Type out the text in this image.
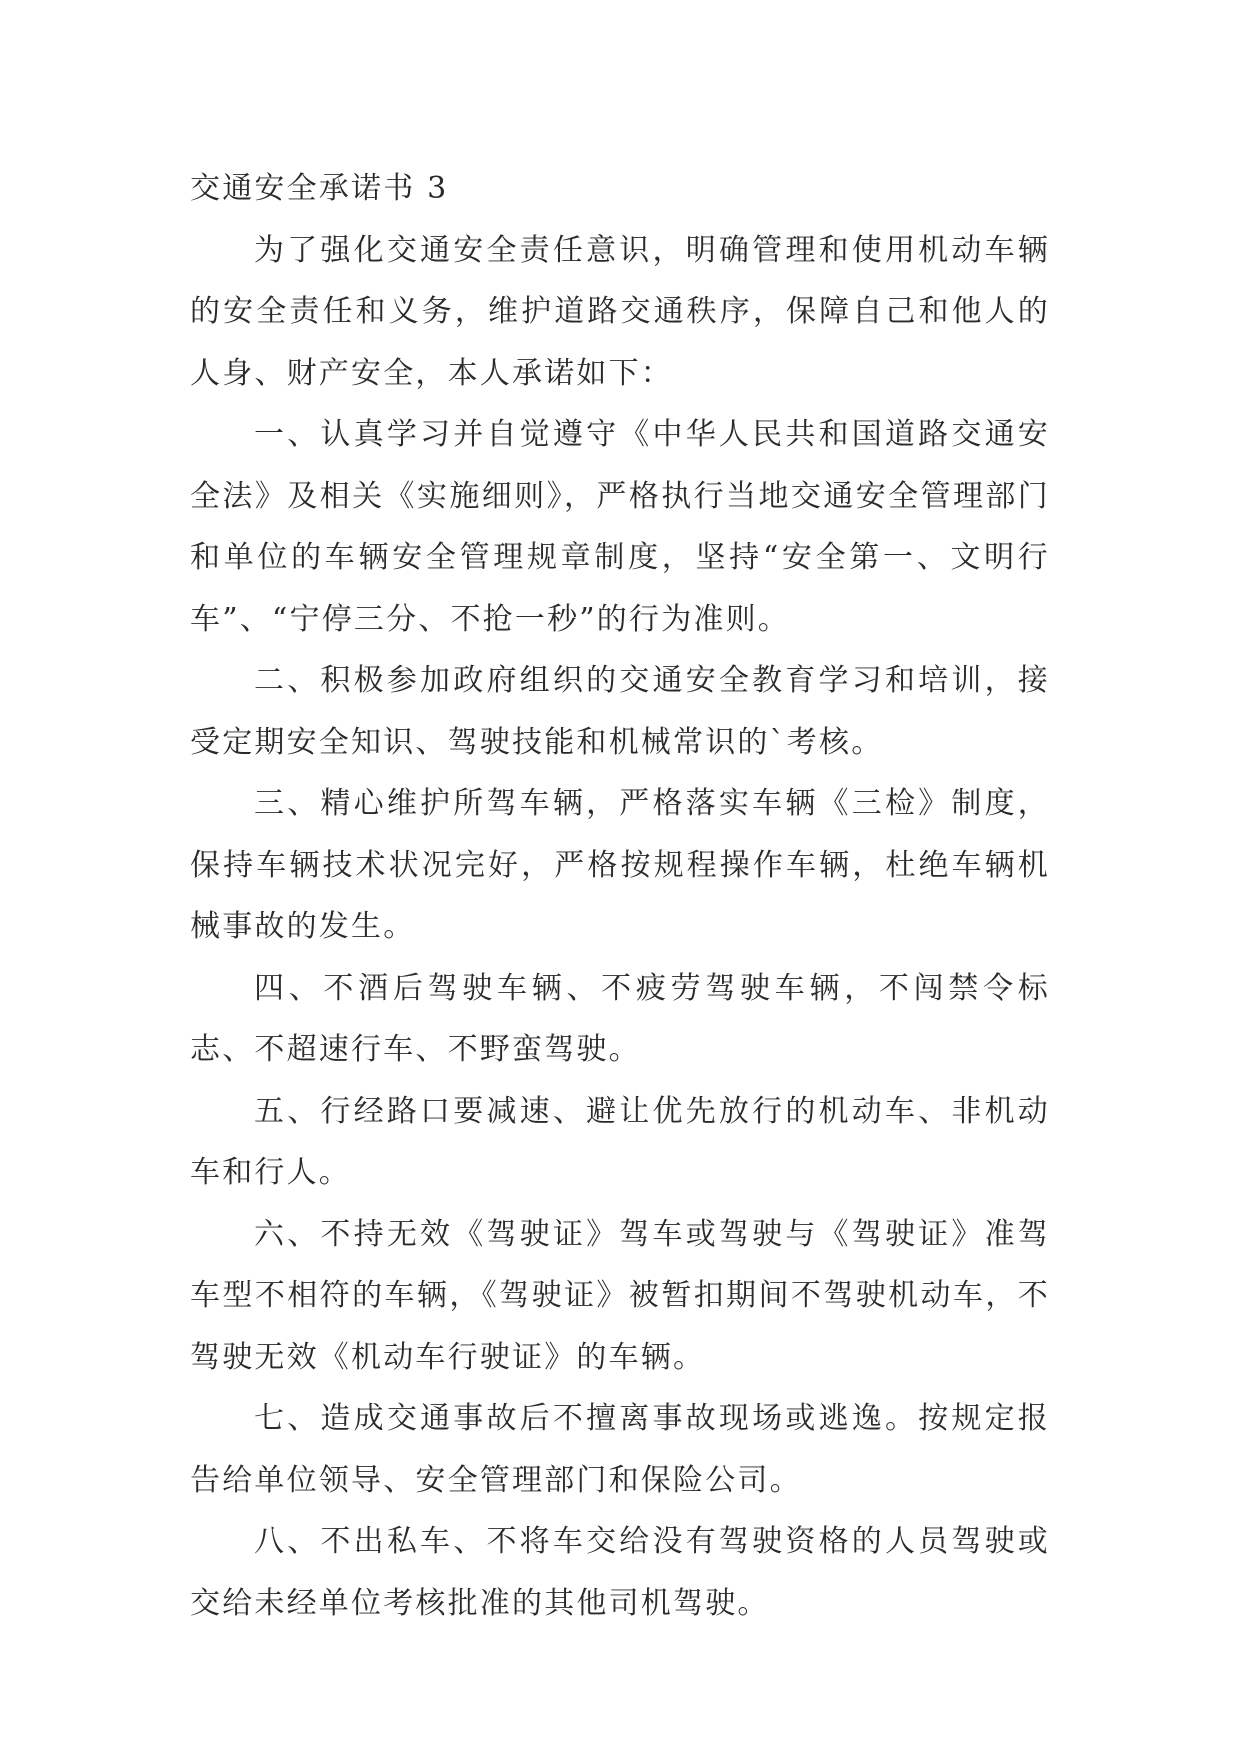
交通安全承诺书 3

为了强化交通安全责任意识，明确管理和使用机动车辆的安全责任和义务，维护道路交通秩序，保障自己和他人的人身、财产安全，本人承诺如下：

一、认真学习并自觉遵守《中华人民共和国道路交通安全法》及相关《实施细则》，严格执行当地交通安全管理部门和单位的车辆安全管理规章制度，坚持“安全第一、文明行车”、“宁停三分、不抢一秒”的行为准则。

二、积极参加政府组织的交通安全教育学习和培训，接受定期安全知识、驾驶技能和机械常识的`考核。

三、精心维护所驾车辆，严格落实车辆《三检》制度，保持车辆技术状况完好，严格按规程操作车辆，杜绝车辆机械事故的发生。

四、不酒后驾驶车辆、不疲劳驾驶车辆，不闯禁令标志、不超速行车、不野蛮驾驶。

五、行经路口要减速、避让优先放行的机动车、非机动车和行人。

六、不持无效《驾驶证》驾车或驾驶与《驾驶证》准驾车型不相符的车辆，《驾驶证》被暂扣期间不驾驶机动车，不驾驶无效《机动车行驶证》的车辆。

七、造成交通事故后不擅离事故现场或逃逸。按规定报告给单位领导、安全管理部门和保险公司。

八、不出私车、不将车交给没有驾驶资格的人员驾驶或交给未经单位考核批准的其他司机驾驶。
